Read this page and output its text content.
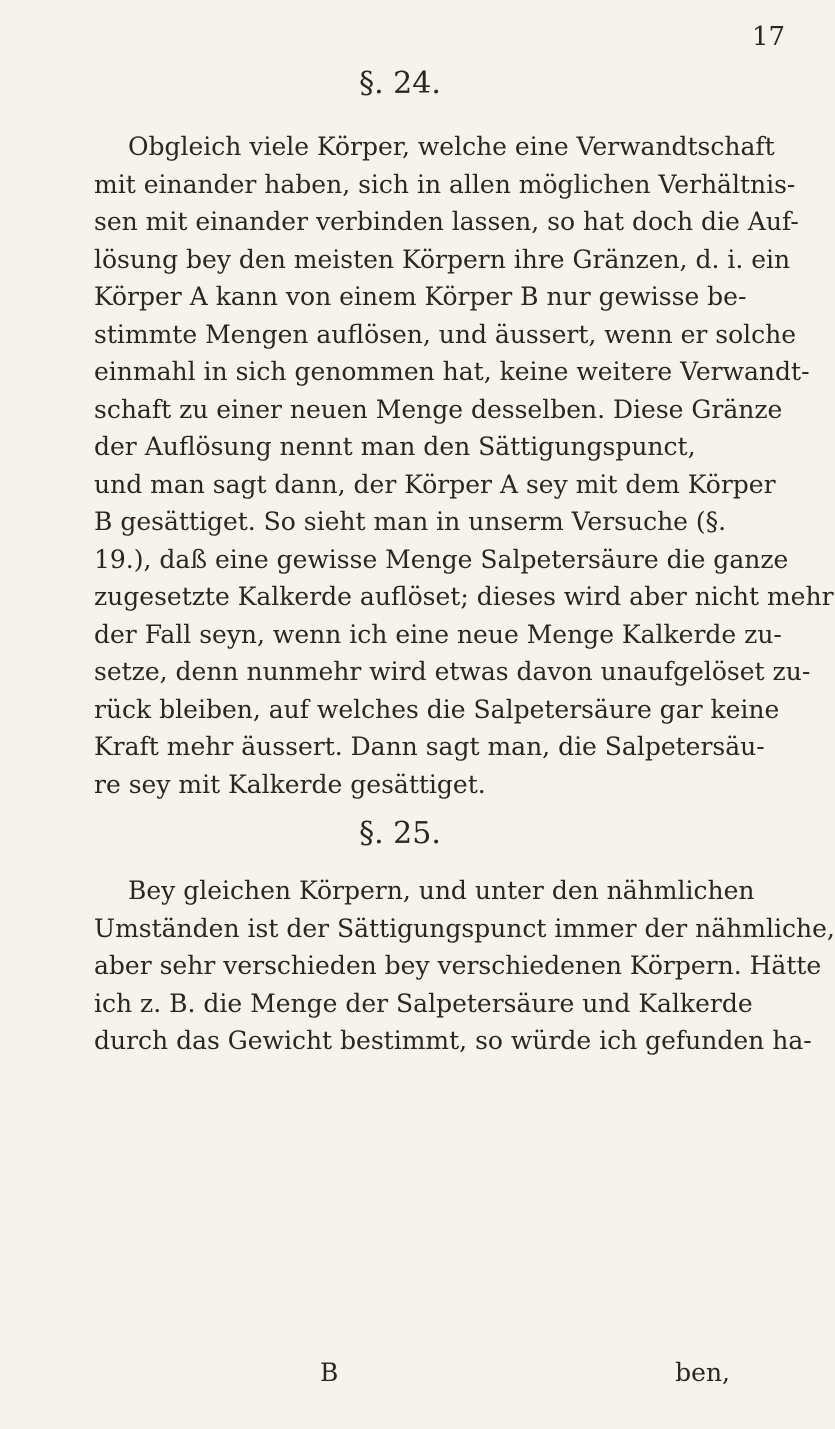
17
§. 24.
Obgleich viele Körper, welche eine Verwandtschaft
mit einander haben, sich in allen möglichen Verhältnis-
sen mit einander verbinden lassen, so hat doch die Auf-
lösung bey den meisten Körpern ihre Gränzen, d. i. ein
Körper A kann von einem Körper B nur gewisse be-
stimmte Mengen auflösen, und äussert, wenn er solche
einmahl in sich genommen hat, keine weitere Verwandt-
schaft zu einer neuen Menge desselben. Diese Gränze
der Auflösung nennt man den Sättigungspunct,
und man sagt dann, der Körper A sey mit dem Körper
B gesättiget. So sieht man in unserm Versuche (§.
19.), daß eine gewisse Menge Salpetersäure die ganze
zugesetzte Kalkerde auflöset; dieses wird aber nicht mehr
der Fall seyn, wenn ich eine neue Menge Kalkerde zu-
setze, denn nunmehr wird etwas davon unaufgelöset zu-
rück bleiben, auf welches die Salpetersäure gar keine
Kraft mehr äussert. Dann sagt man, die Salpetersäu-
re sey mit Kalkerde gesättiget.
§. 25.
Bey gleichen Körpern, und unter den nähmlichen
Umständen ist der Sättigungspunct immer der nähmliche,
aber sehr verschieden bey verschiedenen Körpern. Hätte
ich z. B. die Menge der Salpetersäure und Kalkerde
durch das Gewicht bestimmt, so würde ich gefunden ha-
B	ben,
